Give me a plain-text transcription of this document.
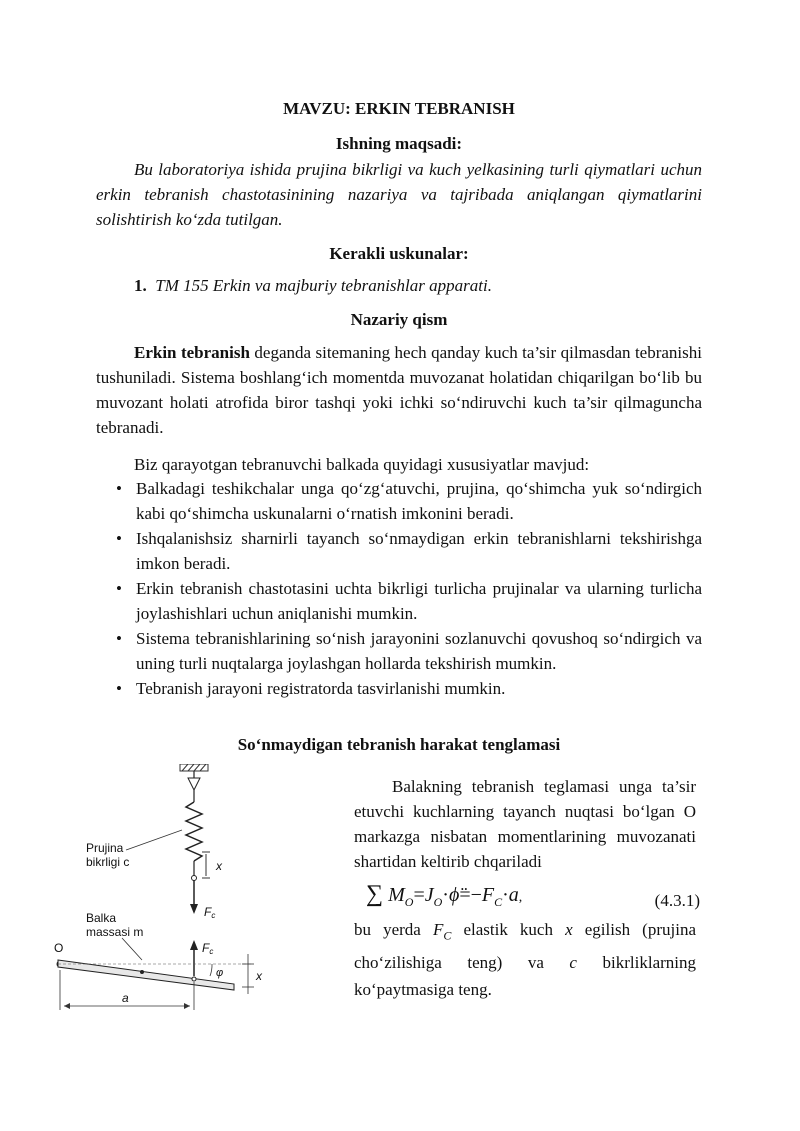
MAVZU: ERKIN TEBRANISH
Ishning maqsadi:

Bu laboratoriya ishida prujina bikrligi va kuch yelkasining turli qiymatlari uchun erkin tebranish chastotasinining nazariya va tajribada aniqlangan qiymatlarini solishtirish ko‘zda tutilgan.

Kerakli uskunalar:
1. TM 155 Erkin va majburiy tebranishlar apparati.
Nazariy qism

Erkin tebranish deganda sitemaning hech qanday kuch ta’sir qilmasdan tebranishi tushuniladi. Sistema boshlang‘ich momentda muvozanat holatidan chiqarilgan bo‘lib bu muvozant holati atrofida biror tashqi yoki ichki so‘ndiruvchi kuch ta’sir qilmaguncha tebranadi.

Biz qarayotgan tebranuvchi balkada quyidagi xususiyatlar mavjud:

• Balkadagi teshikchalar unga qo‘zg‘atuvchi, prujina, qo‘shimcha yuk so‘ndirgich kabi qo‘shimcha uskunalarni o‘rnatish imkonini beradi.
• Ishqalanishsiz sharnirli tayanch so‘nmaydigan erkin tebranishlarni tekshirishga imkon beradi.
• Erkin tebranish chastotasini uchta bikrligi turlicha prujinalar va ularning turlicha joylashishlari uchun aniqlanishi mumkin.
• Sistema tebranishlarining so‘nish jarayonini sozlanuvchi qovushoq so‘ndirgich va uning turli nuqtalarga joylashgan hollarda tekshirish mumkin.
• Tebranish jarayoni registratorda tasvirlanishi mumkin.
So‘nmaydigan tebranish harakat tenglamasi
x
Fc
Prujina
bikrligi c
Balka
massasi m
Fc
O
φ	x
a

Balakning tebranish teglamasi unga ta’sir etuvchi kuchlarning tayanch nuqtasi bo‘lgan O markazga nisbatan momentlarining muvozanati shartidan keltirib chqariladi

∑ $M_O=J_O\cdot\phï=-F_C\cdot a$,	(4.3.1)

bu yerda $F_C$ elastik kuch x egilish (prujina cho‘zilishiga teng) va c bikrliklarning ko‘paytmasiga teng.
